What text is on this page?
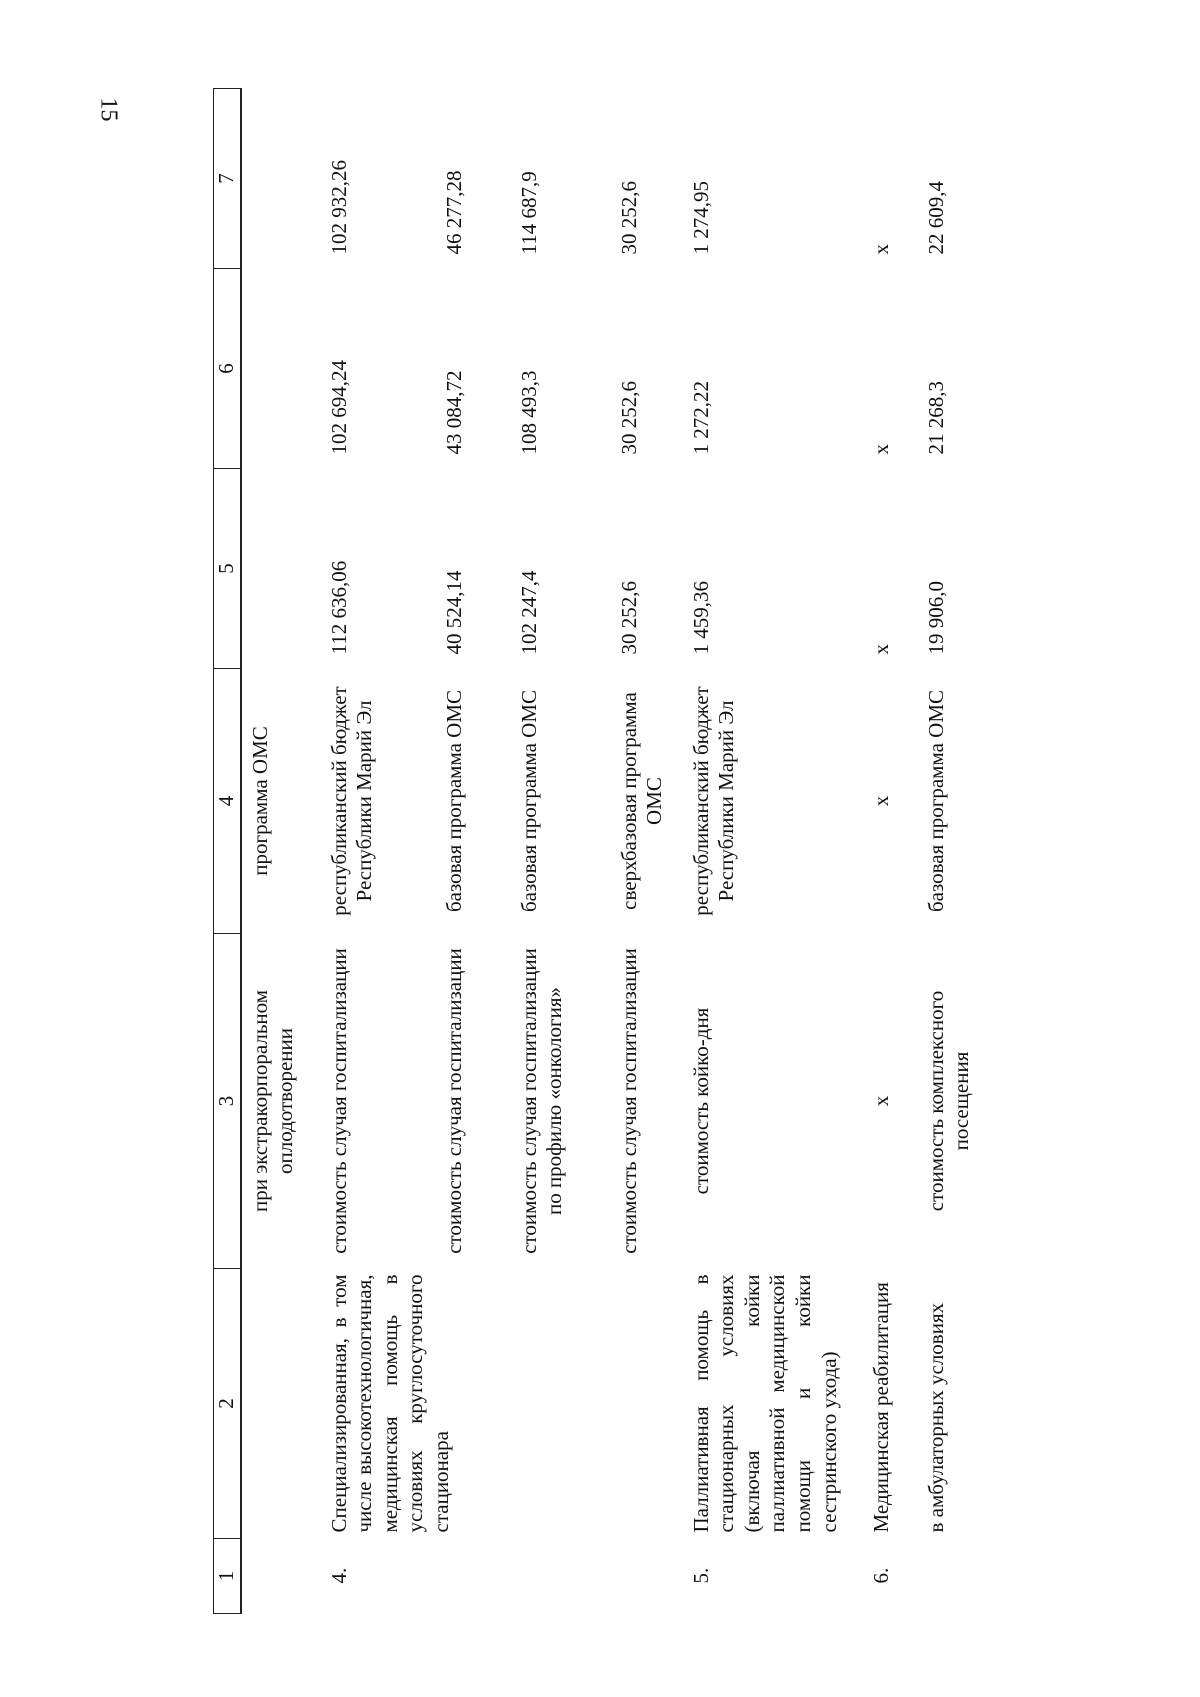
15
1	2	3	4	5	6	7
		при экстракорпоральном оплодотворении	программа ОМС			
4.	Специализированная, в том числе высокотехнологичная, медицинская помощь в условиях круглосуточного стационара	стоимость случая госпитализации	республиканский бюджет Республики Марий Эл	112 636,06	102 694,24	102 932,26
		стоимость случая госпитализации	базовая программа ОМС	40 524,14	43 084,72	46 277,28
		стоимость случая госпитализации по профилю «онкология»	базовая программа ОМС	102 247,4	108 493,3	114 687,9
		стоимость случая госпитализации	сверхбазовая программа ОМС	30 252,6	30 252,6	30 252,6
5.	Паллиативная помощь в стационарных условиях (включая койки паллиативной медицинской помощи и койки сестринского ухода)	стоимость койко-дня	республиканский бюджет Республики Марий Эл	1 459,36	1 272,22	1 274,95
6.	Медицинская реабилитация	х	х	х	х	х
	в амбулаторных условиях	стоимость комплексного посещения	базовая программа ОМС	19 906,0	21 268,3	22 609,4
